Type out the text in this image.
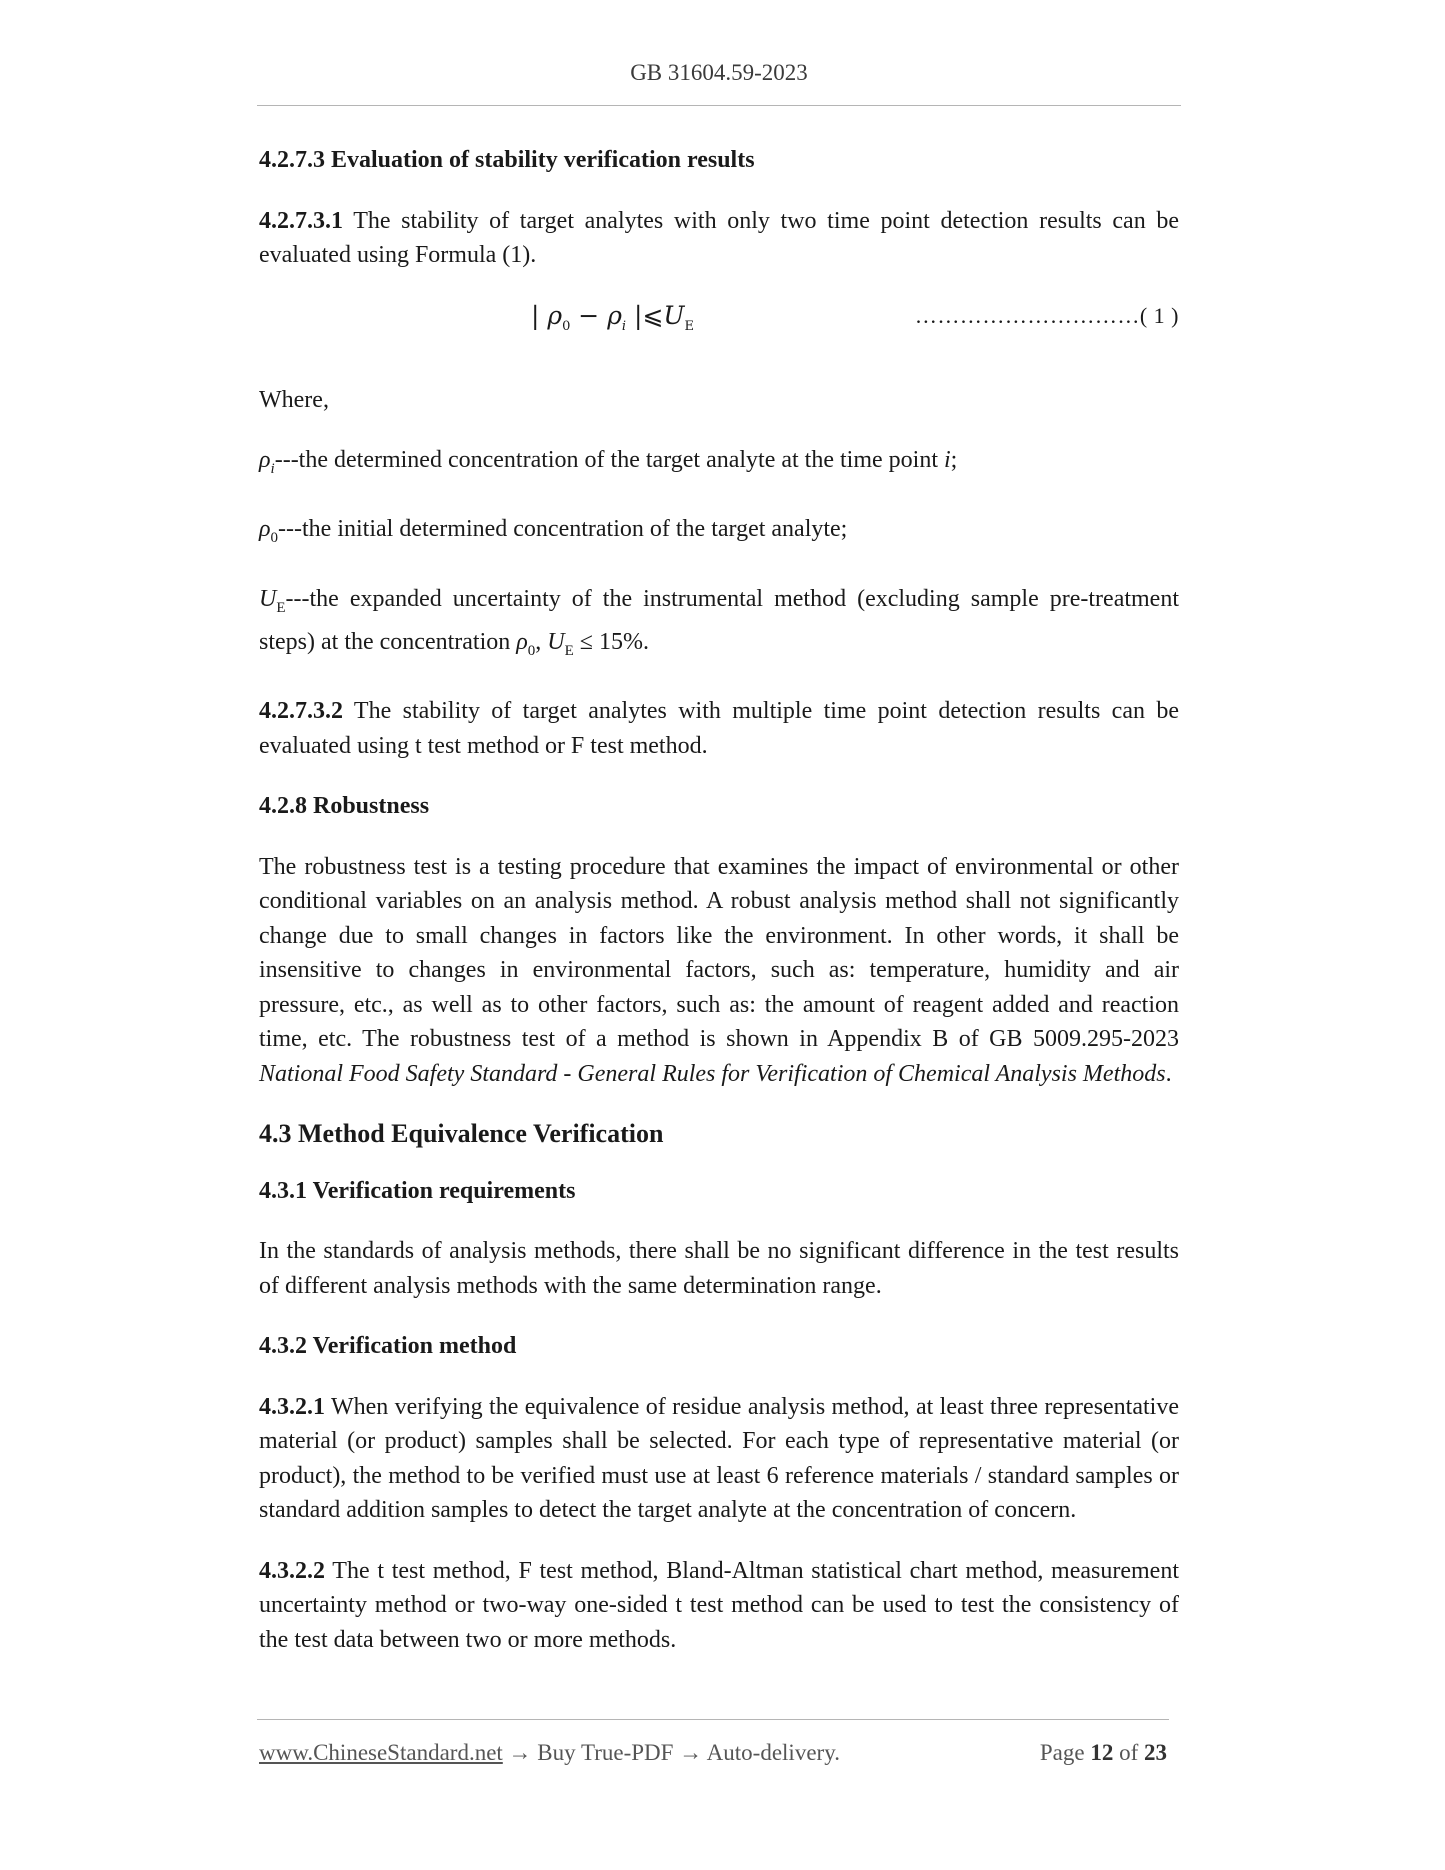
GB 31604.59-2023

4.2.7.3 Evaluation of stability verification results

4.2.7.3.1 The stability of target analytes with only two time point detection results can be evaluated using Formula (1).

| $\rho_0 - \rho_i$ $|⩽U_E$	…………………………( 1 )

Where,

$\rho_i--$-the determined concentration of the target analyte at the time point i;

$\rho_0--$-the initial determined concentration of the target analyte;

$U_E--$-the expanded uncertainty of the instrumental method (excluding sample pre-treatment steps) at the concentration $\rho_0$, $U_E \le 15\%$.

4.2.7.3.2 The stability of target analytes with multiple time point detection results can be evaluated using t test method or F test method.

4.2.8 Robustness

The robustness test is a testing procedure that examines the impact of environmental or other conditional variables on an analysis method. A robust analysis method shall not significantly change due to small changes in factors like the environment. In other words, it shall be insensitive to changes in environmental factors, such as: temperature, humidity and air pressure, etc., as well as to other factors, such as: the amount of reagent added and reaction time, etc. The robustness test of a method is shown in Appendix B of GB 5009.295-2023 National Food Safety Standard - General Rules for Verification of Chemical Analysis Methods.

4.3 Method Equivalence Verification

4.3.1 Verification requirements

In the standards of analysis methods, there shall be no significant difference in the test results of different analysis methods with the same determination range.

4.3.2 Verification method

4.3.2.1 When verifying the equivalence of residue analysis method, at least three representative material (or product) samples shall be selected. For each type of representative material (or product), the method to be verified must use at least 6 reference materials / standard samples or standard addition samples to detect the target analyte at the concentration of concern.

4.3.2.2 The t test method, F test method, Bland-Altman statistical chart method, measurement uncertainty method or two-way one-sided t test method can be used to test the consistency of the test data between two or more methods.

www.ChineseStandard.net → Buy True-PDF → Auto-delivery.	Page 12 of 23
